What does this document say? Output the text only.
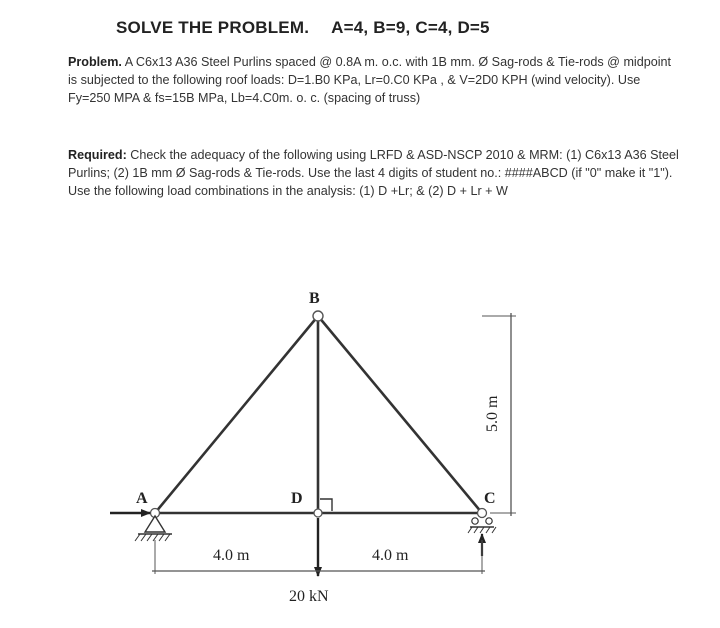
SOLVE THE PROBLEM. A=4, B=9, C=4, D=5
Problem. A C6x13 A36 Steel Purlins spaced @ 0.8A m. o.c. with 1B mm. Ø Sag-rods & Tie-rods @ midpoint is subjected to the following roof loads: D=1.B0 KPa, Lr=0.C0 KPa , & V=2D0 KPH (wind velocity). Use Fy=250 MPA & fs=15B MPa, Lb=4.C0m. o. c. (spacing of truss)
Required: Check the adequacy of the following using LRFD & ASD-NSCP 2010 & MRM: (1) C6x13 A36 Steel Purlins; (2) 1B mm Ø Sag-rods & Tie-rods. Use the last 4 digits of student no.: ####ABCD (if "0" make it "1"). Use the following load combinations in the analysis: (1) D +Lr; & (2) D + Lr + W
B
A	D	C
5.0 m
4.0 m	4.0 m
20 kN
